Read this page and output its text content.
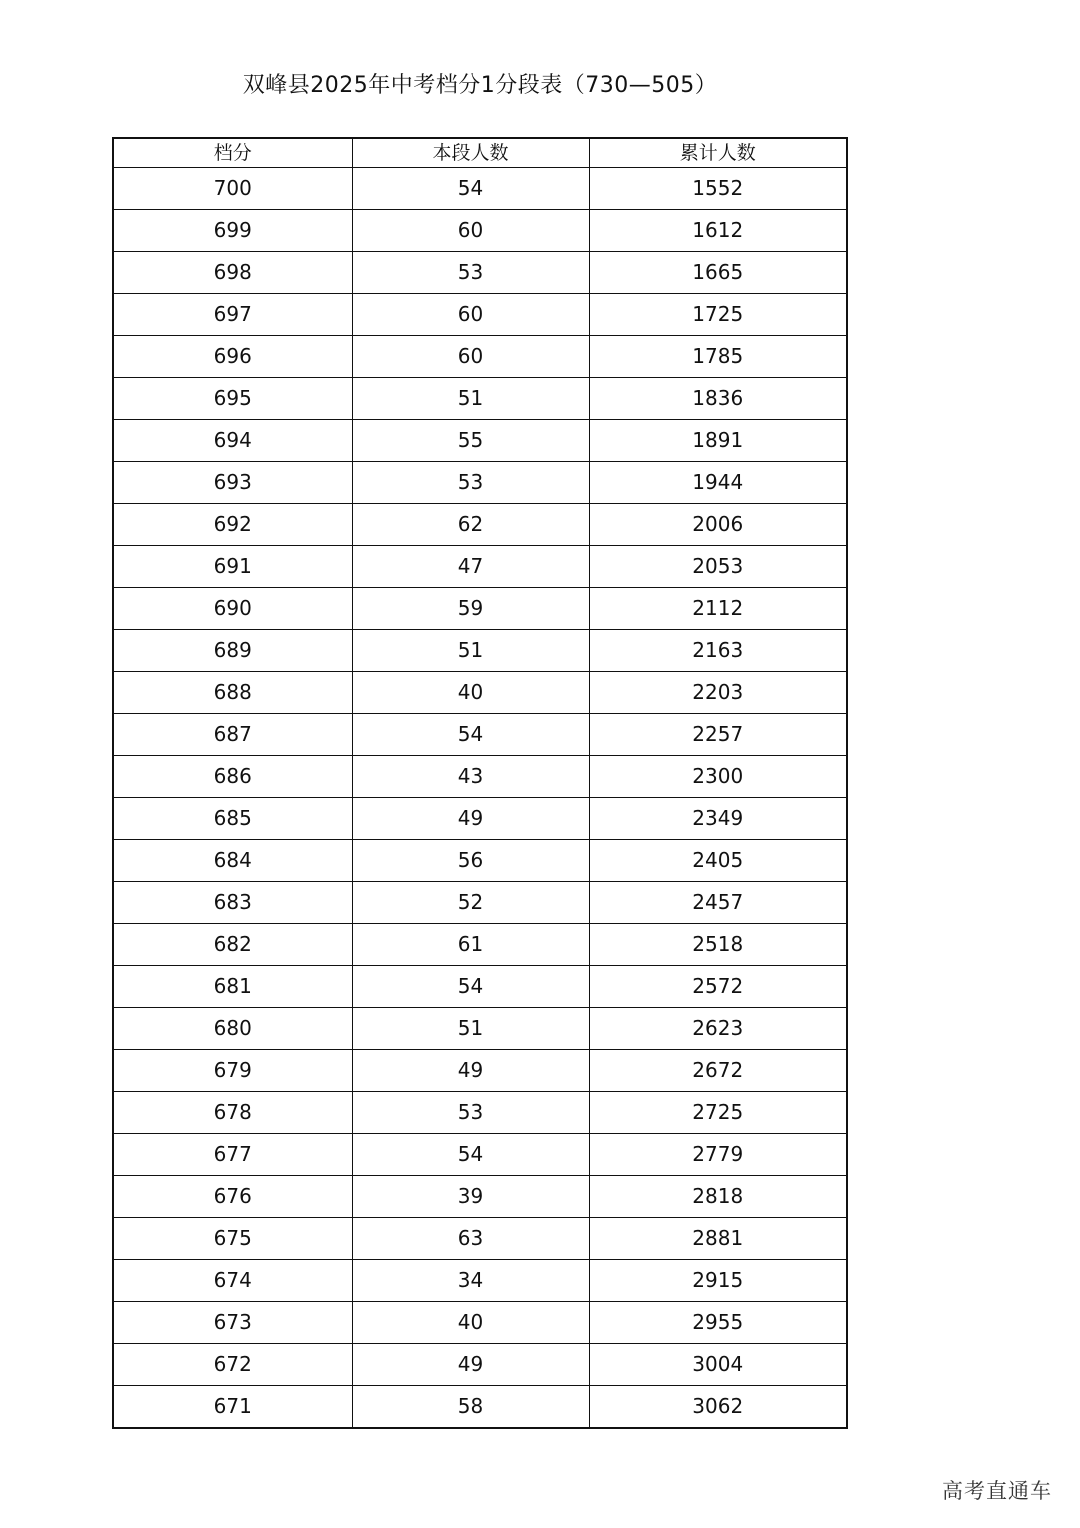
双峰县2025年中考档分1分段表（730—505）
档分	本段人数	累计人数
700	54	1552
699	60	1612
698	53	1665
697	60	1725
696	60	1785
695	51	1836
694	55	1891
693	53	1944
692	62	2006
691	47	2053
690	59	2112
689	51	2163
688	40	2203
687	54	2257
686	43	2300
685	49	2349
684	56	2405
683	52	2457
682	61	2518
681	54	2572
680	51	2623
679	49	2672
678	53	2725
677	54	2779
676	39	2818
675	63	2881
674	34	2915
673	40	2955
672	49	3004
671	58	3062
高考直通车
